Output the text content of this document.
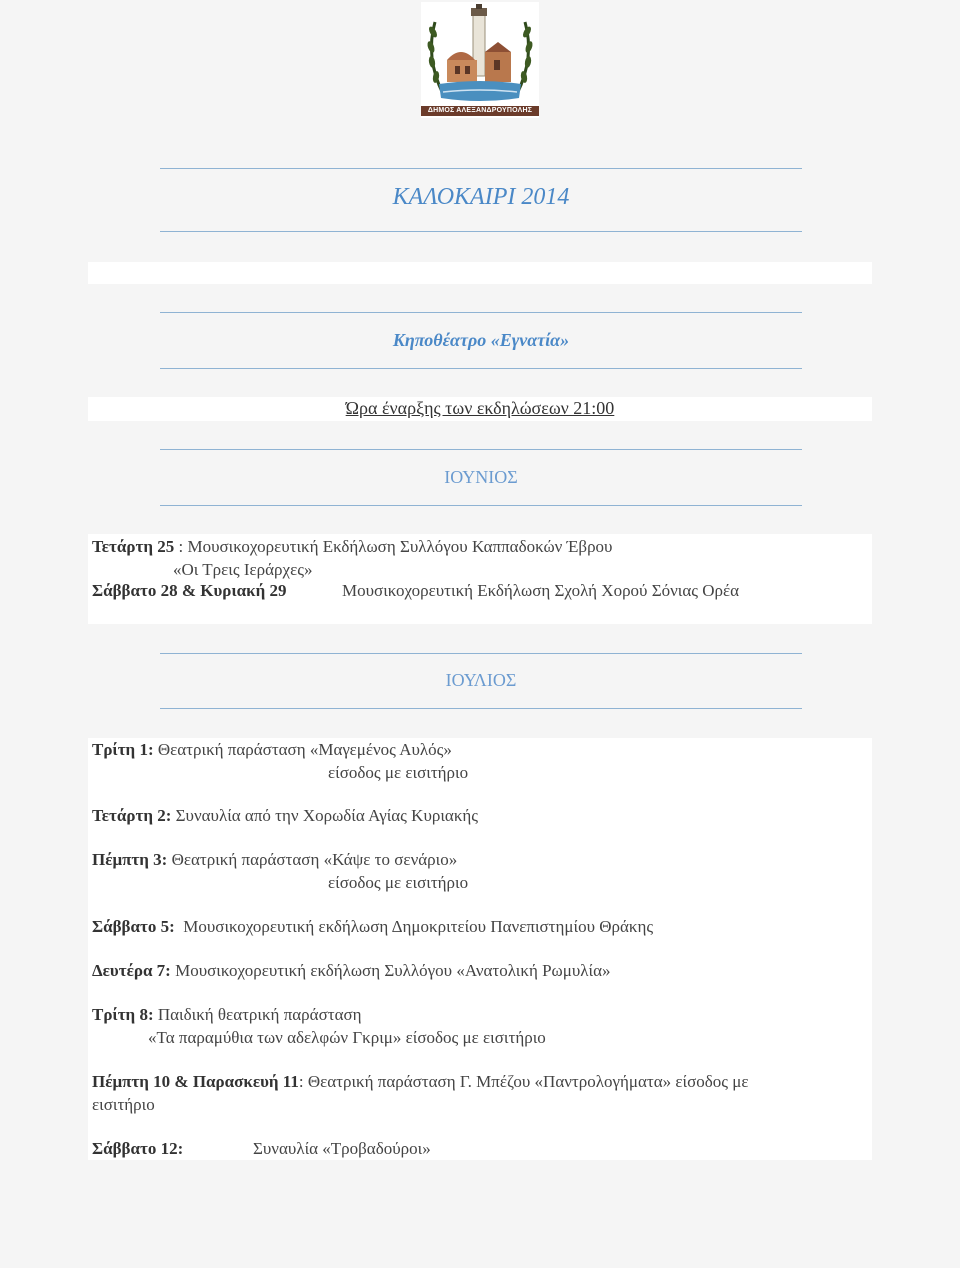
ΔΗΜΟΣ ΑΛΕΞΑΝΔΡΟΥΠΟΛΗΣ
ΚΑΛΟΚΑΙΡΙ 2014
Κηποθέατρο «Εγνατία»
Ώρα έναρξης των εκδηλώσεων 21:00
ΙΟΥΝΙΟΣ
Τετάρτη 25 : Μουσικοχορευτική Εκδήλωση Συλλόγου Καππαδοκών Έβρου
«Οι Τρεις Ιεράρχες»
Σάββατο 28 & Κυριακή 29	Μουσικοχορευτική Εκδήλωση Σχολή Χορού Σόνιας Ορέα
ΙΟΥΛΙΟΣ
Τρίτη 1: Θεατρική παράσταση «Μαγεμένος Αυλός»
είσοδος με εισιτήριο
Τετάρτη 2: Συναυλία από την Χορωδία Αγίας Κυριακής
Πέμπτη 3: Θεατρική παράσταση «Κάψε το σενάριο»
είσοδος με εισιτήριο
Σάββατο 5:  Μουσικοχορευτική εκδήλωση Δημοκριτείου Πανεπιστημίου Θράκης
Δευτέρα 7: Μουσικοχορευτική εκδήλωση Συλλόγου «Ανατολική Ρωμυλία»
Τρίτη 8: Παιδική θεατρική παράσταση
«Τα παραμύθια των αδελφών Γκριμ» είσοδος με εισιτήριο
Πέμπτη 10 & Παρασκευή 11: Θεατρική παράσταση Γ. Μπέζου «Παντρολογήματα» είσοδος με
εισιτήριο
Σάββατο 12:	Συναυλία «Τροβαδούροι»
